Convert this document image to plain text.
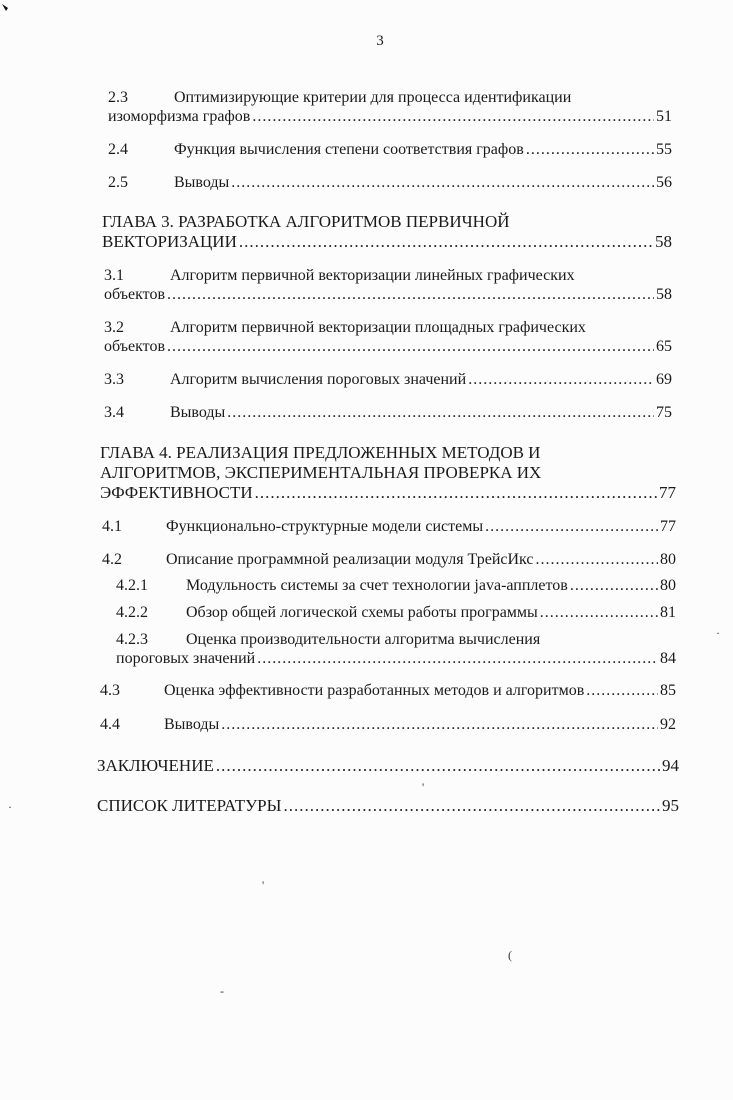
3
2.3	Оптимизирующие критерии для процесса идентификации
изоморфизма графов .....	51
2.4	Функция вычисления степени соответствия графов .....	55
2.5	Выводы .....	56
ГЛАВА 3. РАЗРАБОТКА АЛГОРИТМОВ ПЕРВИЧНОЙ
ВЕКТОРИЗАЦИИ .....	58
3.1	Алгоритм первичной векторизации линейных графических
объектов .....	58
3.2	Алгоритм первичной векторизации площадных графических
объектов .....	65
3.3	Алгоритм вычисления пороговых значений .....	69
3.4	Выводы .....	75
ГЛАВА 4. РЕАЛИЗАЦИЯ ПРЕДЛОЖЕННЫХ МЕТОДОВ И
АЛГОРИТМОВ, ЭКСПЕРИМЕНТАЛЬНАЯ ПРОВЕРКА ИХ
ЭФФЕКТИВНОСТИ .....	77
4.1	Функционально-структурные модели системы .....	77
4.2	Описание программной реализации модуля ТрейсИкс .....	80
4.2.1 Модульность системы за счет технологии java-апплетов .....	80
4.2.2 Обзор общей логической схемы работы программы .....	81
4.2.3 Оценка производительности алгоритма вычисления
пороговых значений .....	84
4.3	Оценка эффективности разработанных методов и алгоритмов .....	85
4.4	Выводы .....	92
ЗАКЛЮЧЕНИЕ .....	94
СПИСОК ЛИТЕРАТУРЫ .....	95
·
·
'
'
(
-
